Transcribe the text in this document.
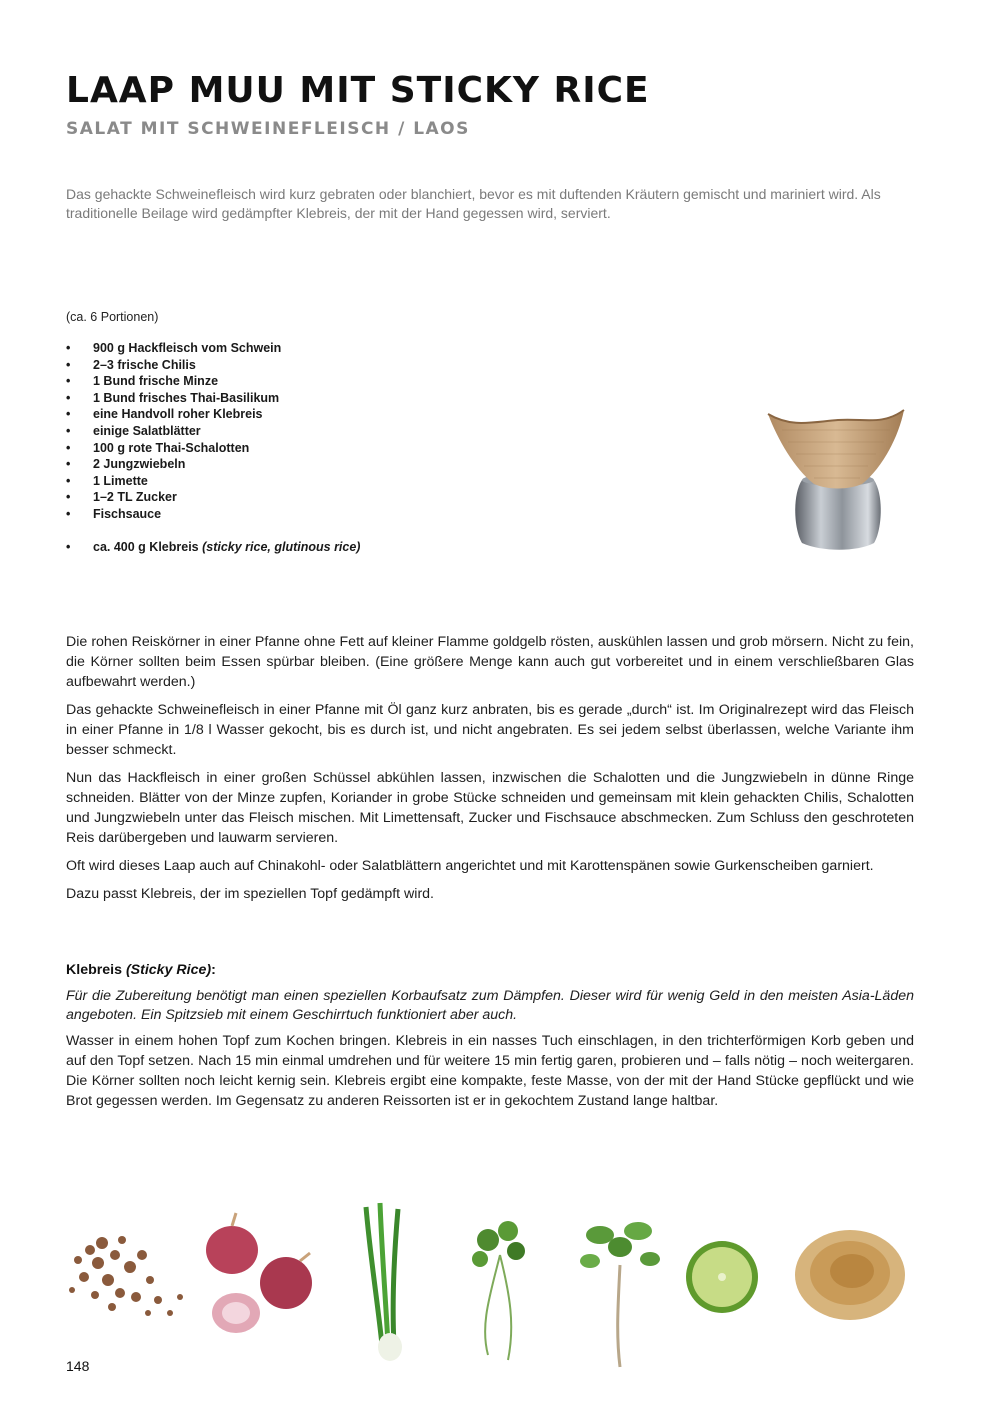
LAAP MUU MIT STICKY RICE
SALAT MIT SCHWEINEFLEISCH / LAOS

Das gehackte Schweinefleisch wird kurz gebraten oder blanchiert, bevor es mit duftenden Kräutern gemischt und mariniert wird. Als traditionelle Beilage wird gedämpfter Klebreis, der mit der Hand gegessen wird, serviert.

(ca. 6 Portionen)

• 900 g Hackfleisch vom Schwein
• 2–3 frische Chilis
• 1 Bund frische Minze
• 1 Bund frisches Thai-Basilikum
• eine Handvoll roher Klebreis
• einige Salatblätter
• 100 g rote Thai-Schalotten
• 2 Jungzwiebeln
• 1 Limette
• 1–2 TL Zucker
• Fischsauce
• ca. 400 g Klebreis (sticky rice, glutinous rice)

Die rohen Reiskörner in einer Pfanne ohne Fett auf kleiner Flamme goldgelb rösten, auskühlen lassen und grob mörsern. Nicht zu fein, die Körner sollten beim Essen spürbar bleiben. (Eine größere Menge kann auch gut vorbereitet und in einem verschließbaren Glas aufbewahrt werden.)

Das gehackte Schweinefleisch in einer Pfanne mit Öl ganz kurz anbraten, bis es gerade „durch“ ist. Im Originalrezept wird das Fleisch in einer Pfanne in 1/8 l Wasser gekocht, bis es durch ist, und nicht angebraten. Es sei jedem selbst überlassen, welche Variante ihm besser schmeckt.

Nun das Hackfleisch in einer großen Schüssel abkühlen lassen, inzwischen die Schalotten und die Jungzwiebeln in dünne Ringe schneiden. Blätter von der Minze zupfen, Koriander in grobe Stücke schneiden und gemeinsam mit klein gehackten Chilis, Schalotten und Jungzwiebeln unter das Fleisch mischen. Mit Limettensaft, Zucker und Fischsauce abschmecken. Zum Schluss den geschroteten Reis darübergeben und lauwarm servieren.

Oft wird dieses Laap auch auf Chinakohl- oder Salatblättern angerichtet und mit Karottenspänen sowie Gurkenscheiben garniert.

Dazu passt Klebreis, der im speziellen Topf gedämpft wird.

Klebreis (Sticky Rice):

Für die Zubereitung benötigt man einen speziellen Korbaufsatz zum Dämpfen. Dieser wird für wenig Geld in den meisten Asia-Läden angeboten. Ein Spitzsieb mit einem Geschirrtuch funktioniert aber auch.

Wasser in einem hohen Topf zum Kochen bringen. Klebreis in ein nasses Tuch einschlagen, in den trichterförmigen Korb geben und auf den Topf setzen. Nach 15 min einmal umdrehen und für weitere 15 min fertig garen, probieren und – falls nötig – noch weitergaren. Die Körner sollten noch leicht kernig sein. Klebreis ergibt eine kompakte, feste Masse, von der mit der Hand Stücke gepflückt und wie Brot gegessen werden. Im Gegensatz zu anderen Reissorten ist er in gekochtem Zustand lange haltbar.

148
